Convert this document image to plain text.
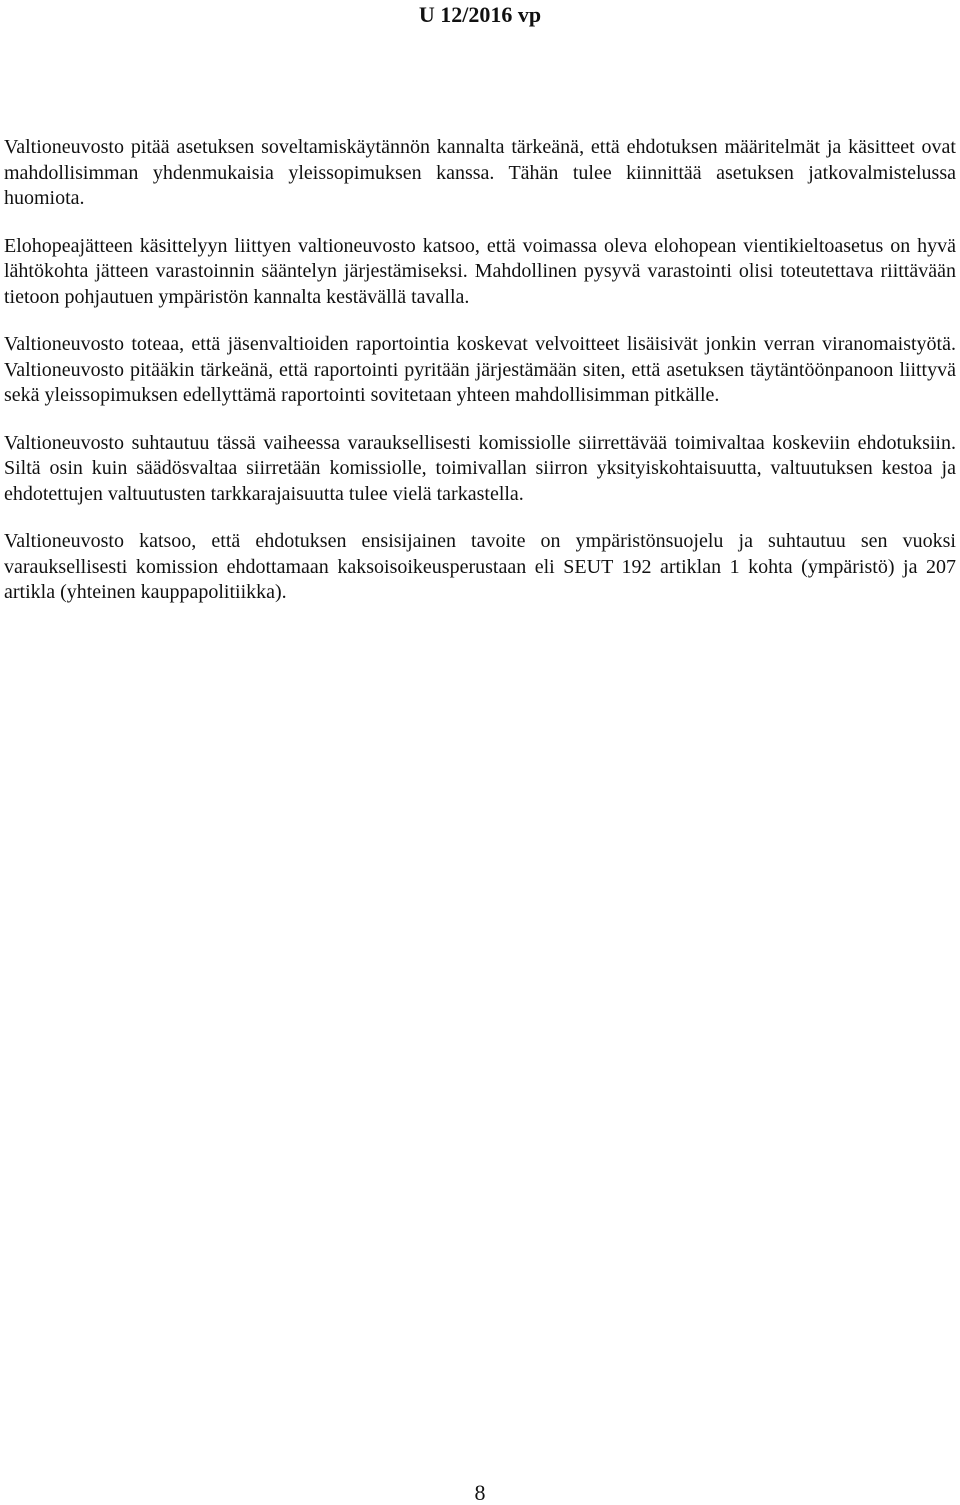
U 12/2016 vp

Valtioneuvosto pitää asetuksen soveltamiskäytännön kannalta tärkeänä, että ehdotuksen määritelmät ja käsitteet ovat mahdollisimman yhdenmukaisia yleissopimuksen kanssa. Tähän tulee kiinnittää asetuksen jatkovalmistelussa huomiota.

Elohopeajätteen käsittelyyn liittyen valtioneuvosto katsoo, että voimassa oleva elohopean vientikieltoasetus on hyvä lähtökohta jätteen varastoinnin sääntelyn järjestämiseksi. Mahdollinen pysyvä varastointi olisi toteutettava riittävään tietoon pohjautuen ympäristön kannalta kestävällä tavalla.

Valtioneuvosto toteaa, että jäsenvaltioiden raportointia koskevat velvoitteet lisäisivät jonkin verran viranomaistyötä. Valtioneuvosto pitääkin tärkeänä, että raportointi pyritään järjestämään siten, että asetuksen täytäntöönpanoon liittyvä sekä yleissopimuksen edellyttämä raportointi sovitetaan yhteen mahdollisimman pitkälle.

Valtioneuvosto suhtautuu tässä vaiheessa varauksellisesti komissiolle siirrettävää toimivaltaa koskeviin ehdotuksiin. Siltä osin kuin säädösvaltaa siirretään komissiolle, toimivallan siirron yksityiskohtaisuutta, valtuutuksen kestoa ja ehdotettujen valtuutusten tarkkarajaisuutta tulee vielä tarkastella.

Valtioneuvosto katsoo, että ehdotuksen ensisijainen tavoite on ympäristönsuojelu ja suhtautuu sen vuoksi varauksellisesti komission ehdottamaan kaksoisoikeusperustaan eli SEUT 192 artiklan 1 kohta (ympäristö) ja 207 artikla (yhteinen kauppapolitiikka).

8
